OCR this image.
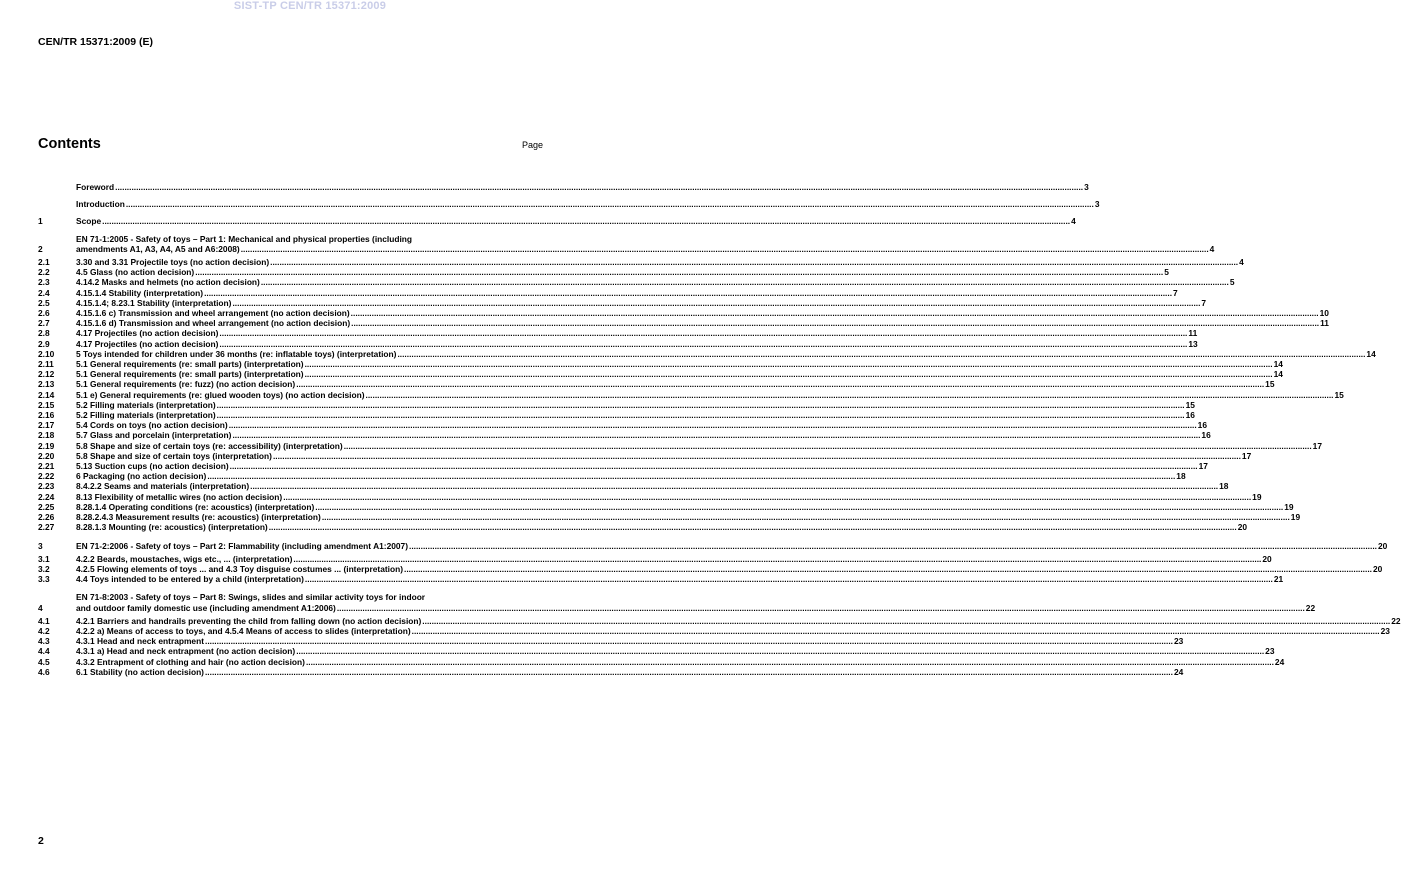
SIST-TP CEN/TR 15371:2009
CEN/TR 15371:2009 (E)
Contents	Page
Foreword .....	3
Introduction .....	3
1	Scope .....	4
2
EN 71-1:2005 - Safety of toys – Part 1: Mechanical and physical properties (including
amendments A1, A3, A4, A5 and A6:2008) .....	4
2.1	3.30 and 3.31 Projectile toys (no action decision) .....	4
2.2	4.5 Glass (no action decision) .....	5
2.3	4.14.2 Masks and helmets (no action decision) .....	5
2.4	4.15.1.4 Stability (interpretation) .....	7
2.5	4.15.1.4; 8.23.1 Stability (interpretation) .....	7
2.6	4.15.1.6 c) Transmission and wheel arrangement (no action decision) .....	10
2.7	4.15.1.6 d) Transmission and wheel arrangement (no action decision) .....	11
2.8	4.17 Projectiles (no action decision) .....	11
2.9	4.17 Projectiles (no action decision) .....	13
2.10	5 Toys intended for children under 36 months (re: inflatable toys) (interpretation) .....	14
2.11	5.1 General requirements (re: small parts) (interpretation) .....	14
2.12	5.1 General requirements (re: small parts) (interpretation) .....	14
2.13	5.1 General requirements (re: fuzz) (no action decision) .....	15
2.14	5.1 e) General requirements (re: glued wooden toys) (no action decision) .....	15
2.15	5.2 Filling materials (interpretation) .....	15
2.16	5.2 Filling materials (interpretation) .....	16
2.17	5.4 Cords on toys (no action decision) .....	16
2.18	5.7 Glass and porcelain (interpretation) .....	16
2.19	5.8 Shape and size of certain toys (re: accessibility) (interpretation) .....	17
2.20	5.8 Shape and size of certain toys (interpretation) .....	17
2.21	5.13 Suction cups (no action decision) .....	17
2.22	6 Packaging (no action decision) .....	18
2.23	8.4.2.2 Seams and materials (interpretation) .....	18
2.24	8.13 Flexibility of metallic wires (no action decision) .....	19
2.25	8.28.1.4 Operating conditions (re: acoustics) (interpretation) .....	19
2.26	8.28.2.4.3 Measurement results (re: acoustics) (interpretation) .....	19
2.27	8.28.1.3 Mounting (re: acoustics) (interpretation) .....	20
3	EN 71-2:2006 - Safety of toys – Part 2: Flammability (including amendment A1:2007) .....	20
3.1	4.2.2 Beards, moustaches, wigs etc., ... (interpretation) .....	20
3.2	4.2.5 Flowing elements of toys ... and 4.3 Toy disguise costumes ... (interpretation) .....	20
3.3	4.4 Toys intended to be entered by a child (interpretation) .....	21
4
EN 71-8:2003 - Safety of toys – Part 8: Swings, slides and similar activity toys for indoor
and outdoor family domestic use (including amendment A1:2006) .....	22
4.1	4.2.1 Barriers and handrails preventing the child from falling down (no action decision) .....	22
4.2	4.2.2 a) Means of access to toys, and 4.5.4 Means of access to slides (interpretation) .....	23
4.3	4.3.1 Head and neck entrapment .....	23
4.4	4.3.1 a) Head and neck entrapment (no action decision) .....	23
4.5	4.3.2 Entrapment of clothing and hair (no action decision) .....	24
4.6	6.1 Stability (no action decision) .....	24
2
